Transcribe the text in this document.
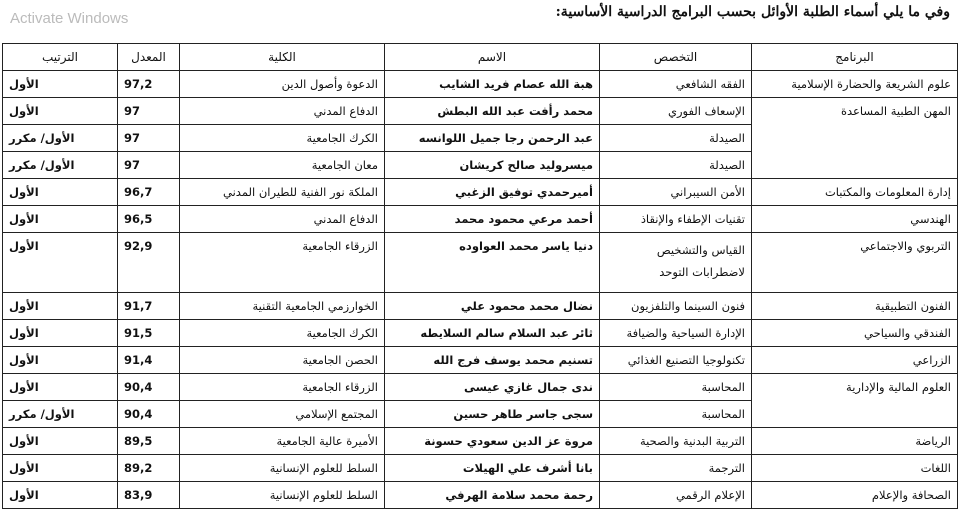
وفي ما يلي أسماء الطلبة الأوائل بحسب البرامج الدراسية الأساسية:
البرنامج	التخصص	الاسم	الكلية	المعدل	الترتيب
علوم الشريعة والحضارة الإسلامية	الفقه الشافعي	هبة الله عصام فريد الشايب	الدعوة وأصول الدين	97,2	الأول
المهن الطبية المساعدة	الإسعاف الفوري	محمد رأفت عبد الله البطش	الدفاع المدني	97	الأول
	الصيدلة	عبد الرحمن رجا جميل اللوانسه	الكرك الجامعية	97	الأول/ مكرر
	الصيدلة	ميسروليد صالح كريشان	معان الجامعية	97	الأول/ مكرر
إدارة المعلومات والمكتبات	الأمن السيبراني	أميرحمدي توفيق الزغبي	الملكة نور الفنية للطيران المدني	96,7	الأول
الهندسي	تقنيات الإطفاء والإنقاذ	أحمد مرعي محمود محمد	الدفاع المدني	96,5	الأول
التربوي والاجتماعي	القياس والتشخيص لاضطرابات التوحد	دنيا ياسر محمد العواوده	الزرقاء الجامعية	92,9	الأول
الفنون التطبيقية	فنون السينما والتلفزيون	نضال محمد محمود علي	الخوارزمي الجامعية التقنية	91,7	الأول
الفندقي والسياحي	الإدارة السياحية والضيافة	ثائر عبد السلام سالم السلايطه	الكرك الجامعية	91,5	الأول
الزراعي	تكنولوجيا التصنيع الغذائي	تسنيم محمد يوسف فرج الله	الحصن الجامعية	91,4	الأول
العلوم المالية والإدارية	المحاسبة	ندى جمال غازي عيسى	الزرقاء الجامعية	90,4	الأول
	المحاسبة	سجى جاسر طاهر حسين	المجتمع الإسلامي	90,4	الأول/ مكرر
الرياضة	التربية البدنية والصحية	مروة عز الدين سعودي حسونة	الأميرة عالية الجامعية	89,5	الأول
اللغات	الترجمة	بانا أشرف علي الهيلات	السلط للعلوم الإنسانية	89,2	الأول
الصحافة والإعلام	الإعلام الرقمي	رحمة محمد سلامة الهرفي	السلط للعلوم الإنسانية	83,9	الأول
Activate Windows
